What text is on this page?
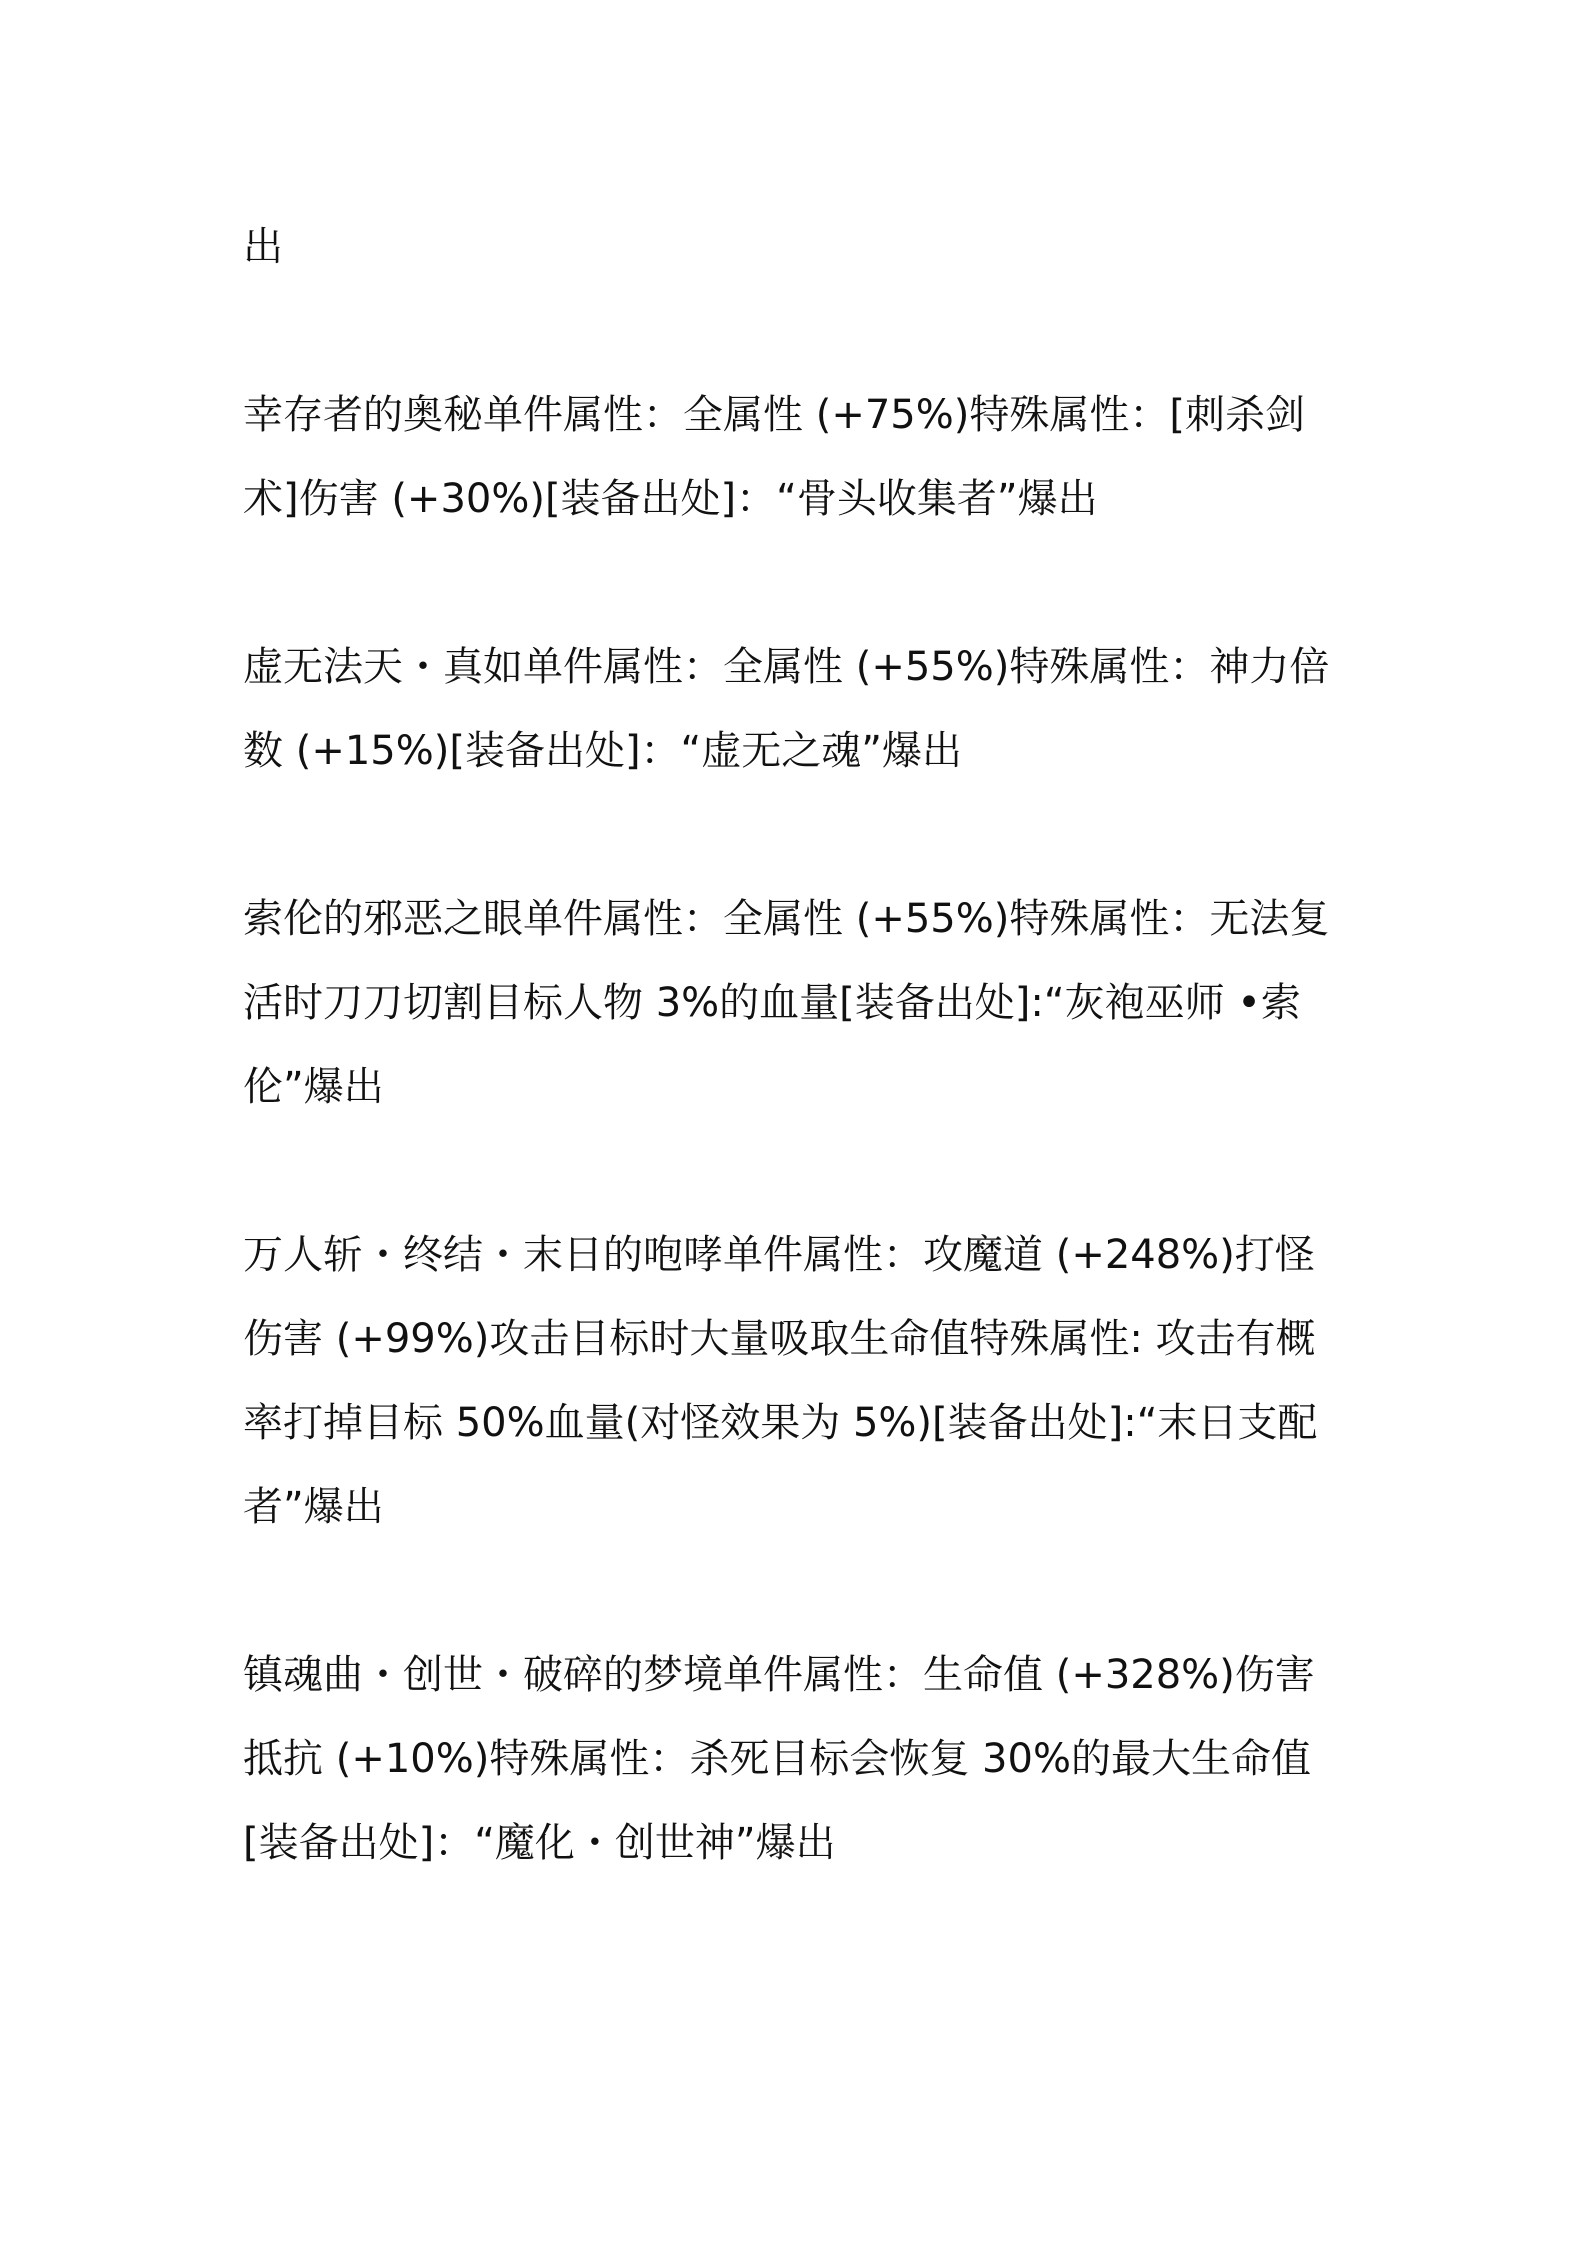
出
幸存者的奥秘单件属性：全属性 (+75%)特殊属性：[刺杀剑
术]伤害 (+30%)[装备出处]：“骨头收集者”爆出
虚无法天・真如单件属性：全属性 (+55%)特殊属性：神力倍
数 (+15%)[装备出处]：“虚无之魂”爆出
索伦的邪恶之眼单件属性：全属性 (+55%)特殊属性：无法复
活时刀刀切割目标人物 3%的血量[装备出处]:“灰袍巫师 •索
伦”爆出
万人斩・终结・末日的咆哮单件属性：攻魔道 (+248%)打怪
伤害 (+99%)攻击目标时大量吸取生命值特殊属性: 攻击有概
率打掉目标 50%血量(对怪效果为 5%)[装备出处]:“末日支配
者”爆出
镇魂曲・创世・破碎的梦境单件属性：生命值 (+328%)伤害
抵抗 (+10%)特殊属性：杀死目标会恢复 30%的最大生命值
[装备出处]：“魔化・创世神”爆出
